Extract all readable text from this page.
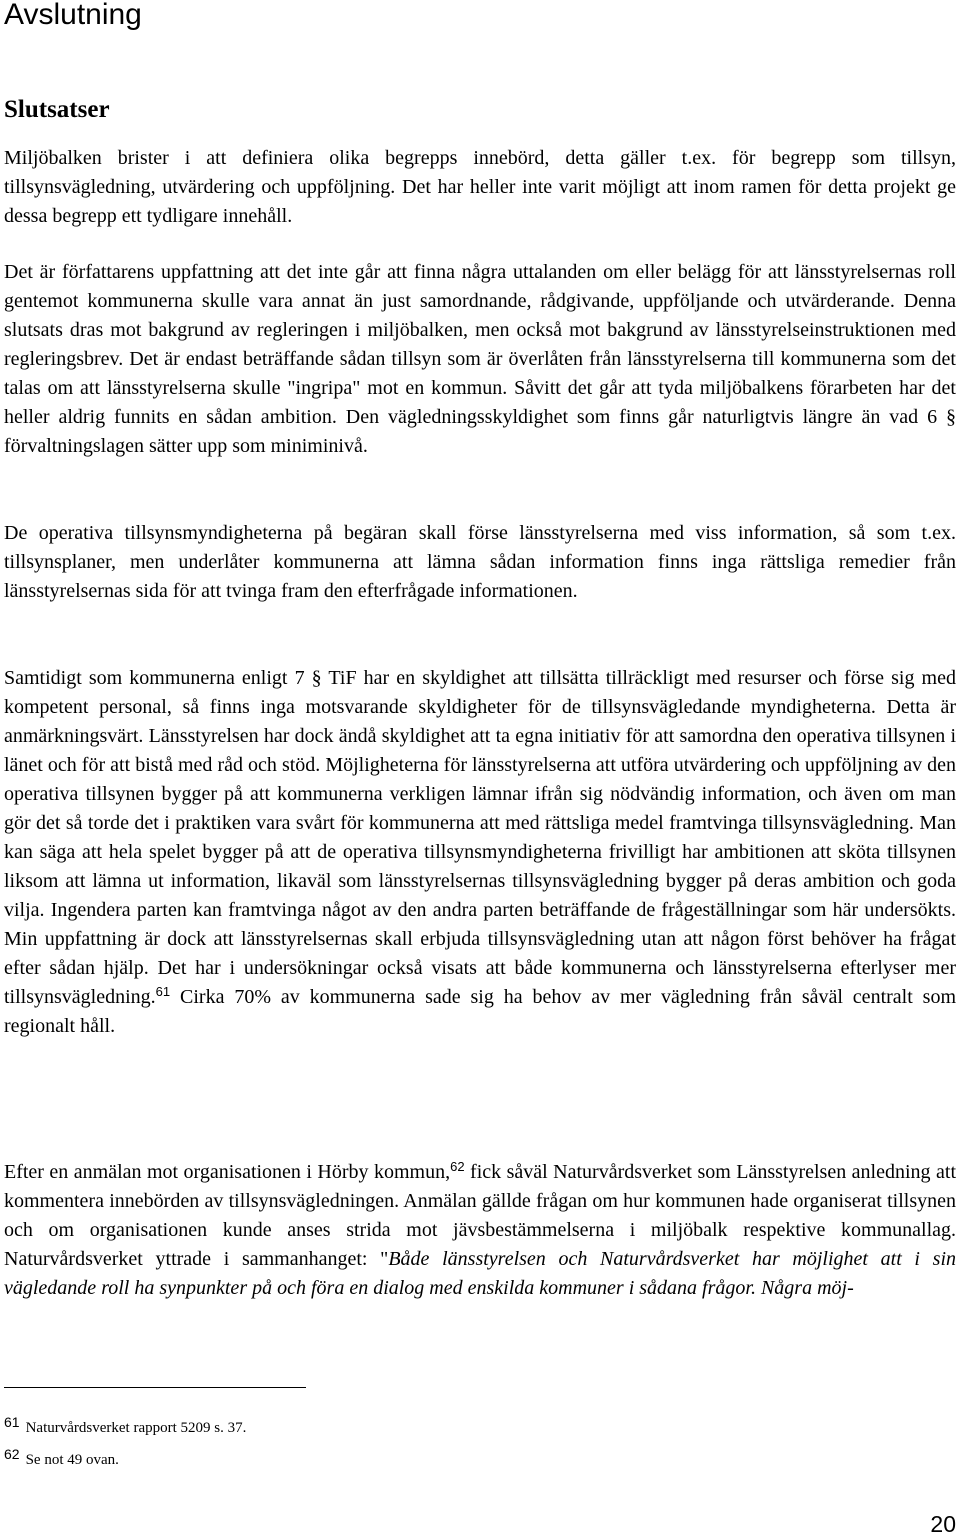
Avslutning
Slutsatser

Miljöbalken brister i att definiera olika begrepps innebörd, detta gäller t.ex. för begrepp som tillsyn, tillsynsvägledning, utvärdering och uppföljning. Det har heller inte varit möjligt att inom ramen för detta projekt ge dessa begrepp ett tydligare innehåll.

Det är författarens uppfattning att det inte går att finna några uttalanden om eller belägg för att länsstyrelsernas roll gentemot kommunerna skulle vara annat än just samordnande, rådgivande, uppföljande och utvärderande. Denna slutsats dras mot bakgrund av regleringen i miljöbalken, men också mot bakgrund av länsstyrelseinstruktionen med regleringsbrev. Det är endast beträffande sådan tillsyn som är överlåten från länsstyrelserna till kommunerna som det talas om att länsstyrelserna skulle "ingripa" mot en kommun. Såvitt det går att tyda miljöbalkens förarbeten har det heller aldrig funnits en sådan ambition. Den vägledningsskyldighet som finns går naturligtvis längre än vad 6 § förvaltningslagen sätter upp som miniminivå.

De operativa tillsynsmyndigheterna på begäran skall förse länsstyrelserna med viss information, så som t.ex. tillsynsplaner, men underlåter kommunerna att lämna sådan information finns inga rättsliga remedier från länsstyrelsernas sida för att tvinga fram den efterfrågade informationen.

Samtidigt som kommunerna enligt 7 § TiF har en skyldighet att tillsätta tillräckligt med resurser och förse sig med kompetent personal, så finns inga motsvarande skyldigheter för de tillsynsvägledande myndigheterna. Detta är anmärkningsvärt. Länsstyrelsen har dock ändå skyldighet att ta egna initiativ för att samordna den operativa tillsynen i länet och för att bistå med råd och stöd. Möjligheterna för länsstyrelserna att utföra utvärdering och uppföljning av den operativa tillsynen bygger på att kommunerna verkligen lämnar ifrån sig nödvändig information, och även om man gör det så torde det i praktiken vara svårt för kommunerna att med rättsliga medel framtvinga tillsynsvägledning. Man kan säga att hela spelet bygger på att de operativa tillsynsmyndigheterna frivilligt har ambitionen att sköta tillsynen liksom att lämna ut information, likaväl som länsstyrelsernas tillsynsvägledning bygger på deras ambition och goda vilja. Ingendera parten kan framtvinga något av den andra parten beträffande de frågeställningar som här undersökts. Min uppfattning är dock att länsstyrelsernas skall erbjuda tillsynsvägledning utan att någon först behöver ha frågat efter sådan hjälp. Det har i undersökningar också visats att både kommunerna och länsstyrelserna efterlyser mer tillsynsvägledning.$^{61}$ Cirka 70% av kommunerna sade sig ha behov av mer vägledning från såväl centralt som regionalt håll.

Efter en anmälan mot organisationen i Hörby kommun,$^{62}$ fick såväl Naturvårdsverket som Länsstyrelsen anledning att kommentera innebörden av tillsynsvägledningen. Anmälan gällde frågan om hur kommunen hade organiserat tillsynen och om organisationen kunde anses strida mot jävsbestämmelserna i miljöbalk respektive kommunallag. Naturvårdsverket yttrade i sammanhanget: "Både länsstyrelsen och Naturvårdsverket har möjlighet att i sin vägledande roll ha synpunkter på och föra en dialog med enskilda kommuner i sådana frågor. Några möj-

61 Naturvårdsverket rapport 5209 s. 37.

62 Se not 49 ovan.

20
